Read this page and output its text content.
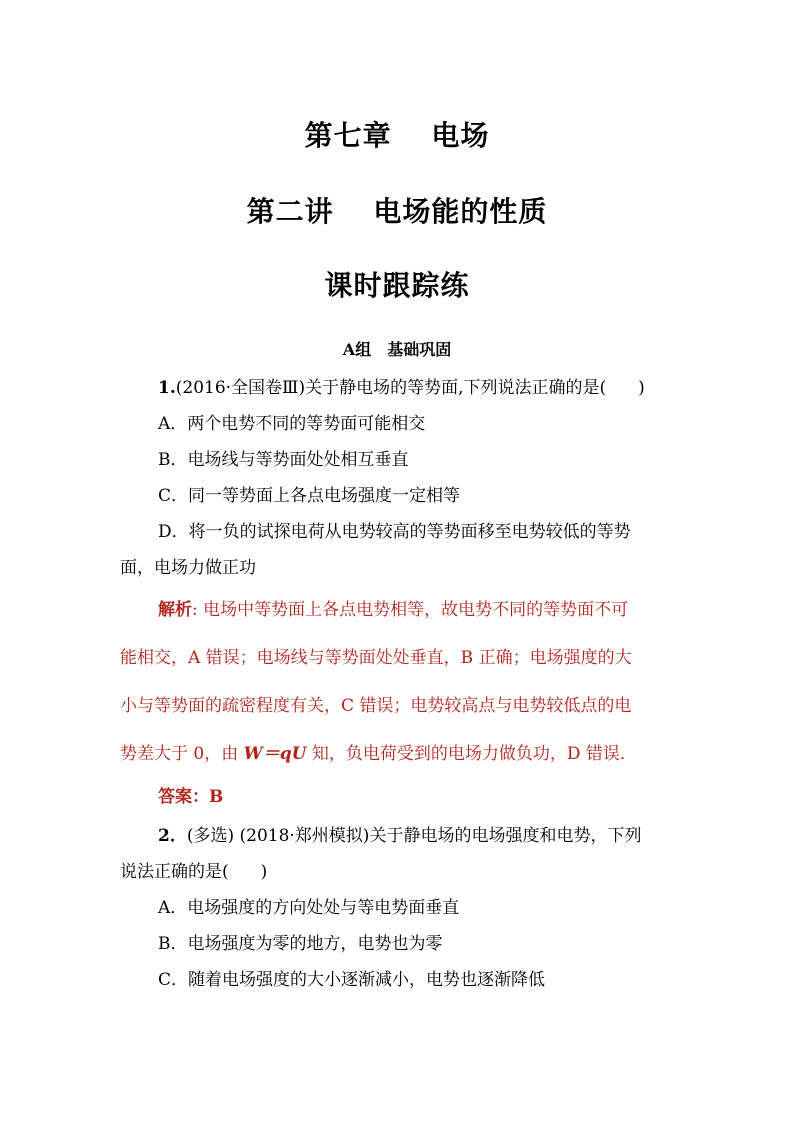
第七章　 电场
第二讲　 电场能的性质
课时跟踪练
A组　基础巩固
1.(2016·全国卷Ⅲ)关于静电场的等势面,下列说法正确的是( )
A．两个电势不同的等势面可能相交
B．电场线与等势面处处相互垂直
C．同一等势面上各点电场强度一定相等
D．将一负的试探电荷从电势较高的等势面移至电势较低的等势
面，电场力做正功
解析: 电场中等势面上各点电势相等，故电势不同的等势面不可
能相交，A 错误；电场线与等势面处处垂直，B 正确；电场强度的大
小与等势面的疏密程度有关，C 错误；电势较高点与电势较低点的电
势差大于 0，由 W＝qU 知，负电荷受到的电场力做负功，D 错误．
答案：B
2．(多选) (2018·郑州模拟)关于静电场的电场强度和电势，下列
说法正确的是( )
A．电场强度的方向处处与等电势面垂直
B．电场强度为零的地方，电势也为零
C．随着电场强度的大小逐渐减小，电势也逐渐降低
